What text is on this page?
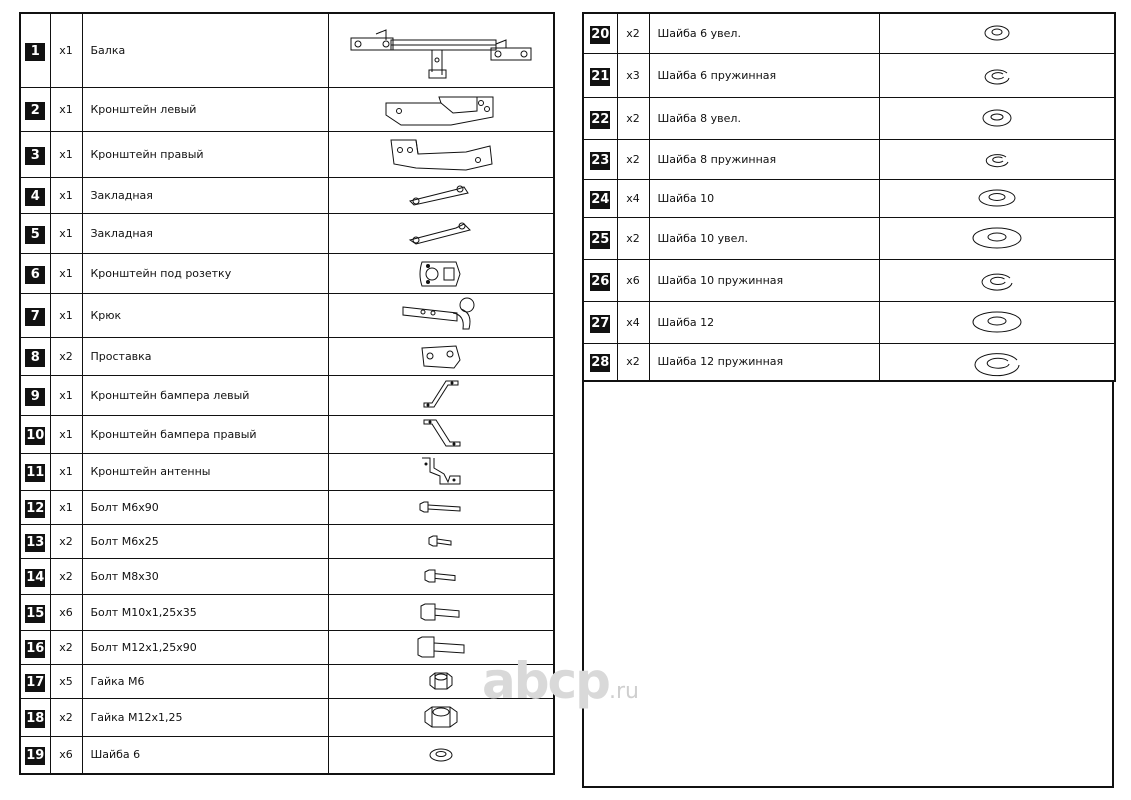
1	x1	Балка	

2	x1	Кронштейн левый	

3	x1	Кронштейн правый	

4	x1	Закладная	

5	x1	Закладная	

6	x1	Кронштейн под розетку	

7	x1	Крюк	

8	x2	Проставка	

9	x1	Кронштейн бампера левый	

10	x1	Кронштейн бампера правый	

11	x1	Кронштейн антенны	

12	x1	Болт М6х90	

13	x2	Болт М6х25	

14	x2	Болт М8х30	

15	x6	Болт М10х1,25х35	

16	x2	Болт М12х1,25х90	

17	x5	Гайка М6	

18	x2	Гайка М12х1,25	

19	x6	Шайба 6	
20	x2	Шайба 6 увел.	

21	x3	Шайба 6 пружинная	

22	x2	Шайба 8 увел.	

23	x2	Шайба 8 пружинная	

24	x4	Шайба 10	

25	x2	Шайба 10 увел.	

26	x6	Шайба 10 пружинная	

27	x4	Шайба 12	

28	x2	Шайба 12 пружинная	
abcp.ru
